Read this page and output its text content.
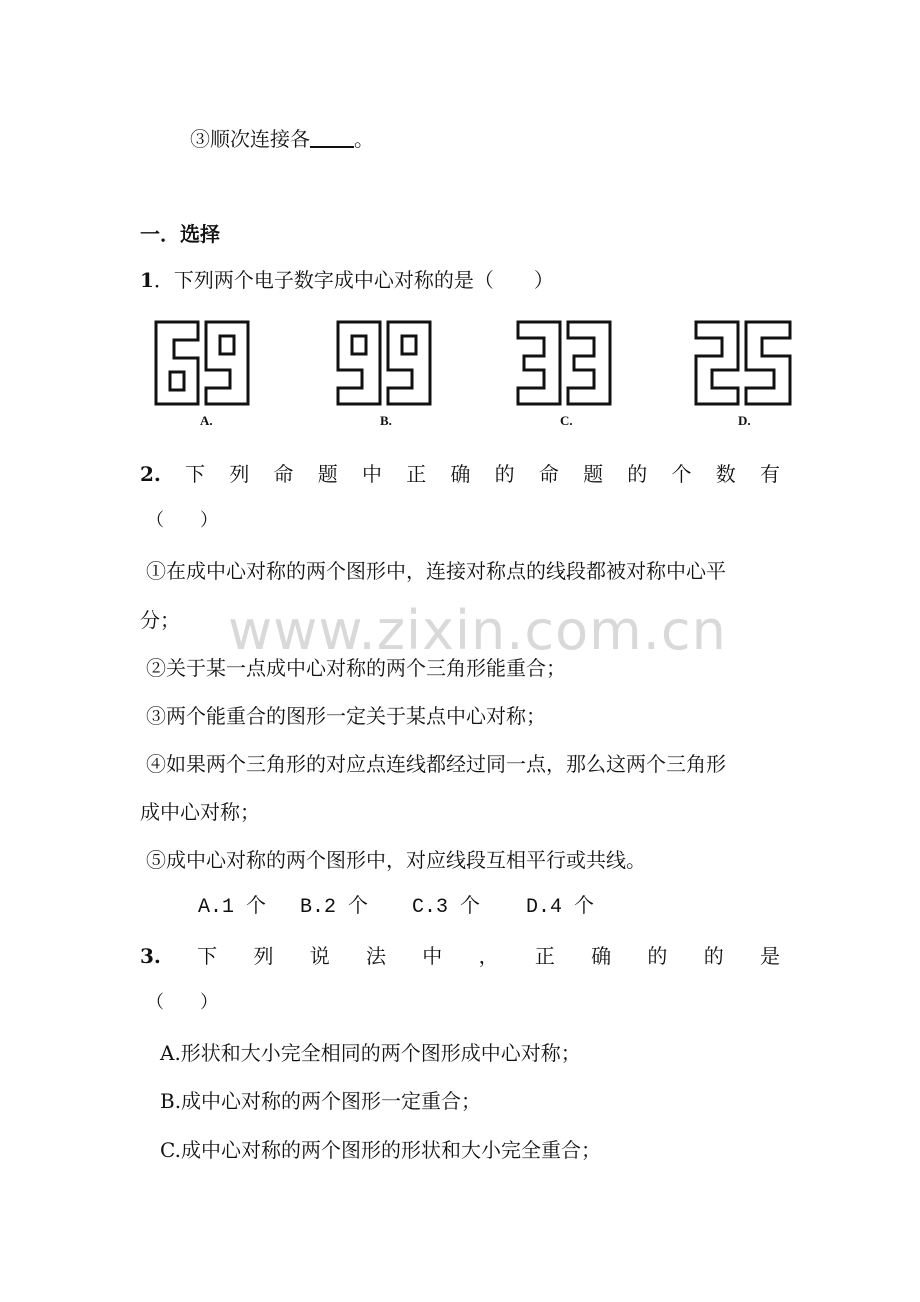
③顺次连接各 。
一．选择
1．下列两个电子数字成中心对称的是（　　）
A.	B.	C.	D.
2. 下 列 命 题 中 正 确 的 命 题 的 个 数 有
（　　）
①在成中心对称的两个图形中，连接对称点的线段都被对称中心平
分；
②关于某一点成中心对称的两个三角形能重合；
③两个能重合的图形一定关于某点中心对称；
④如果两个三角形的对应点连线都经过同一点，那么这两个三角形
成中心对称；
⑤成中心对称的两个图形中，对应线段互相平行或共线。
A.1 个 B.2 个 C.3 个 D.4 个
3. 下 列 说 法 中 ， 正 确 的 的 是
（　　）
A.形状和大小完全相同的两个图形成中心对称；
B.成中心对称的两个图形一定重合；
C.成中心对称的两个图形的形状和大小完全重合；
www.zixin.com.cn
